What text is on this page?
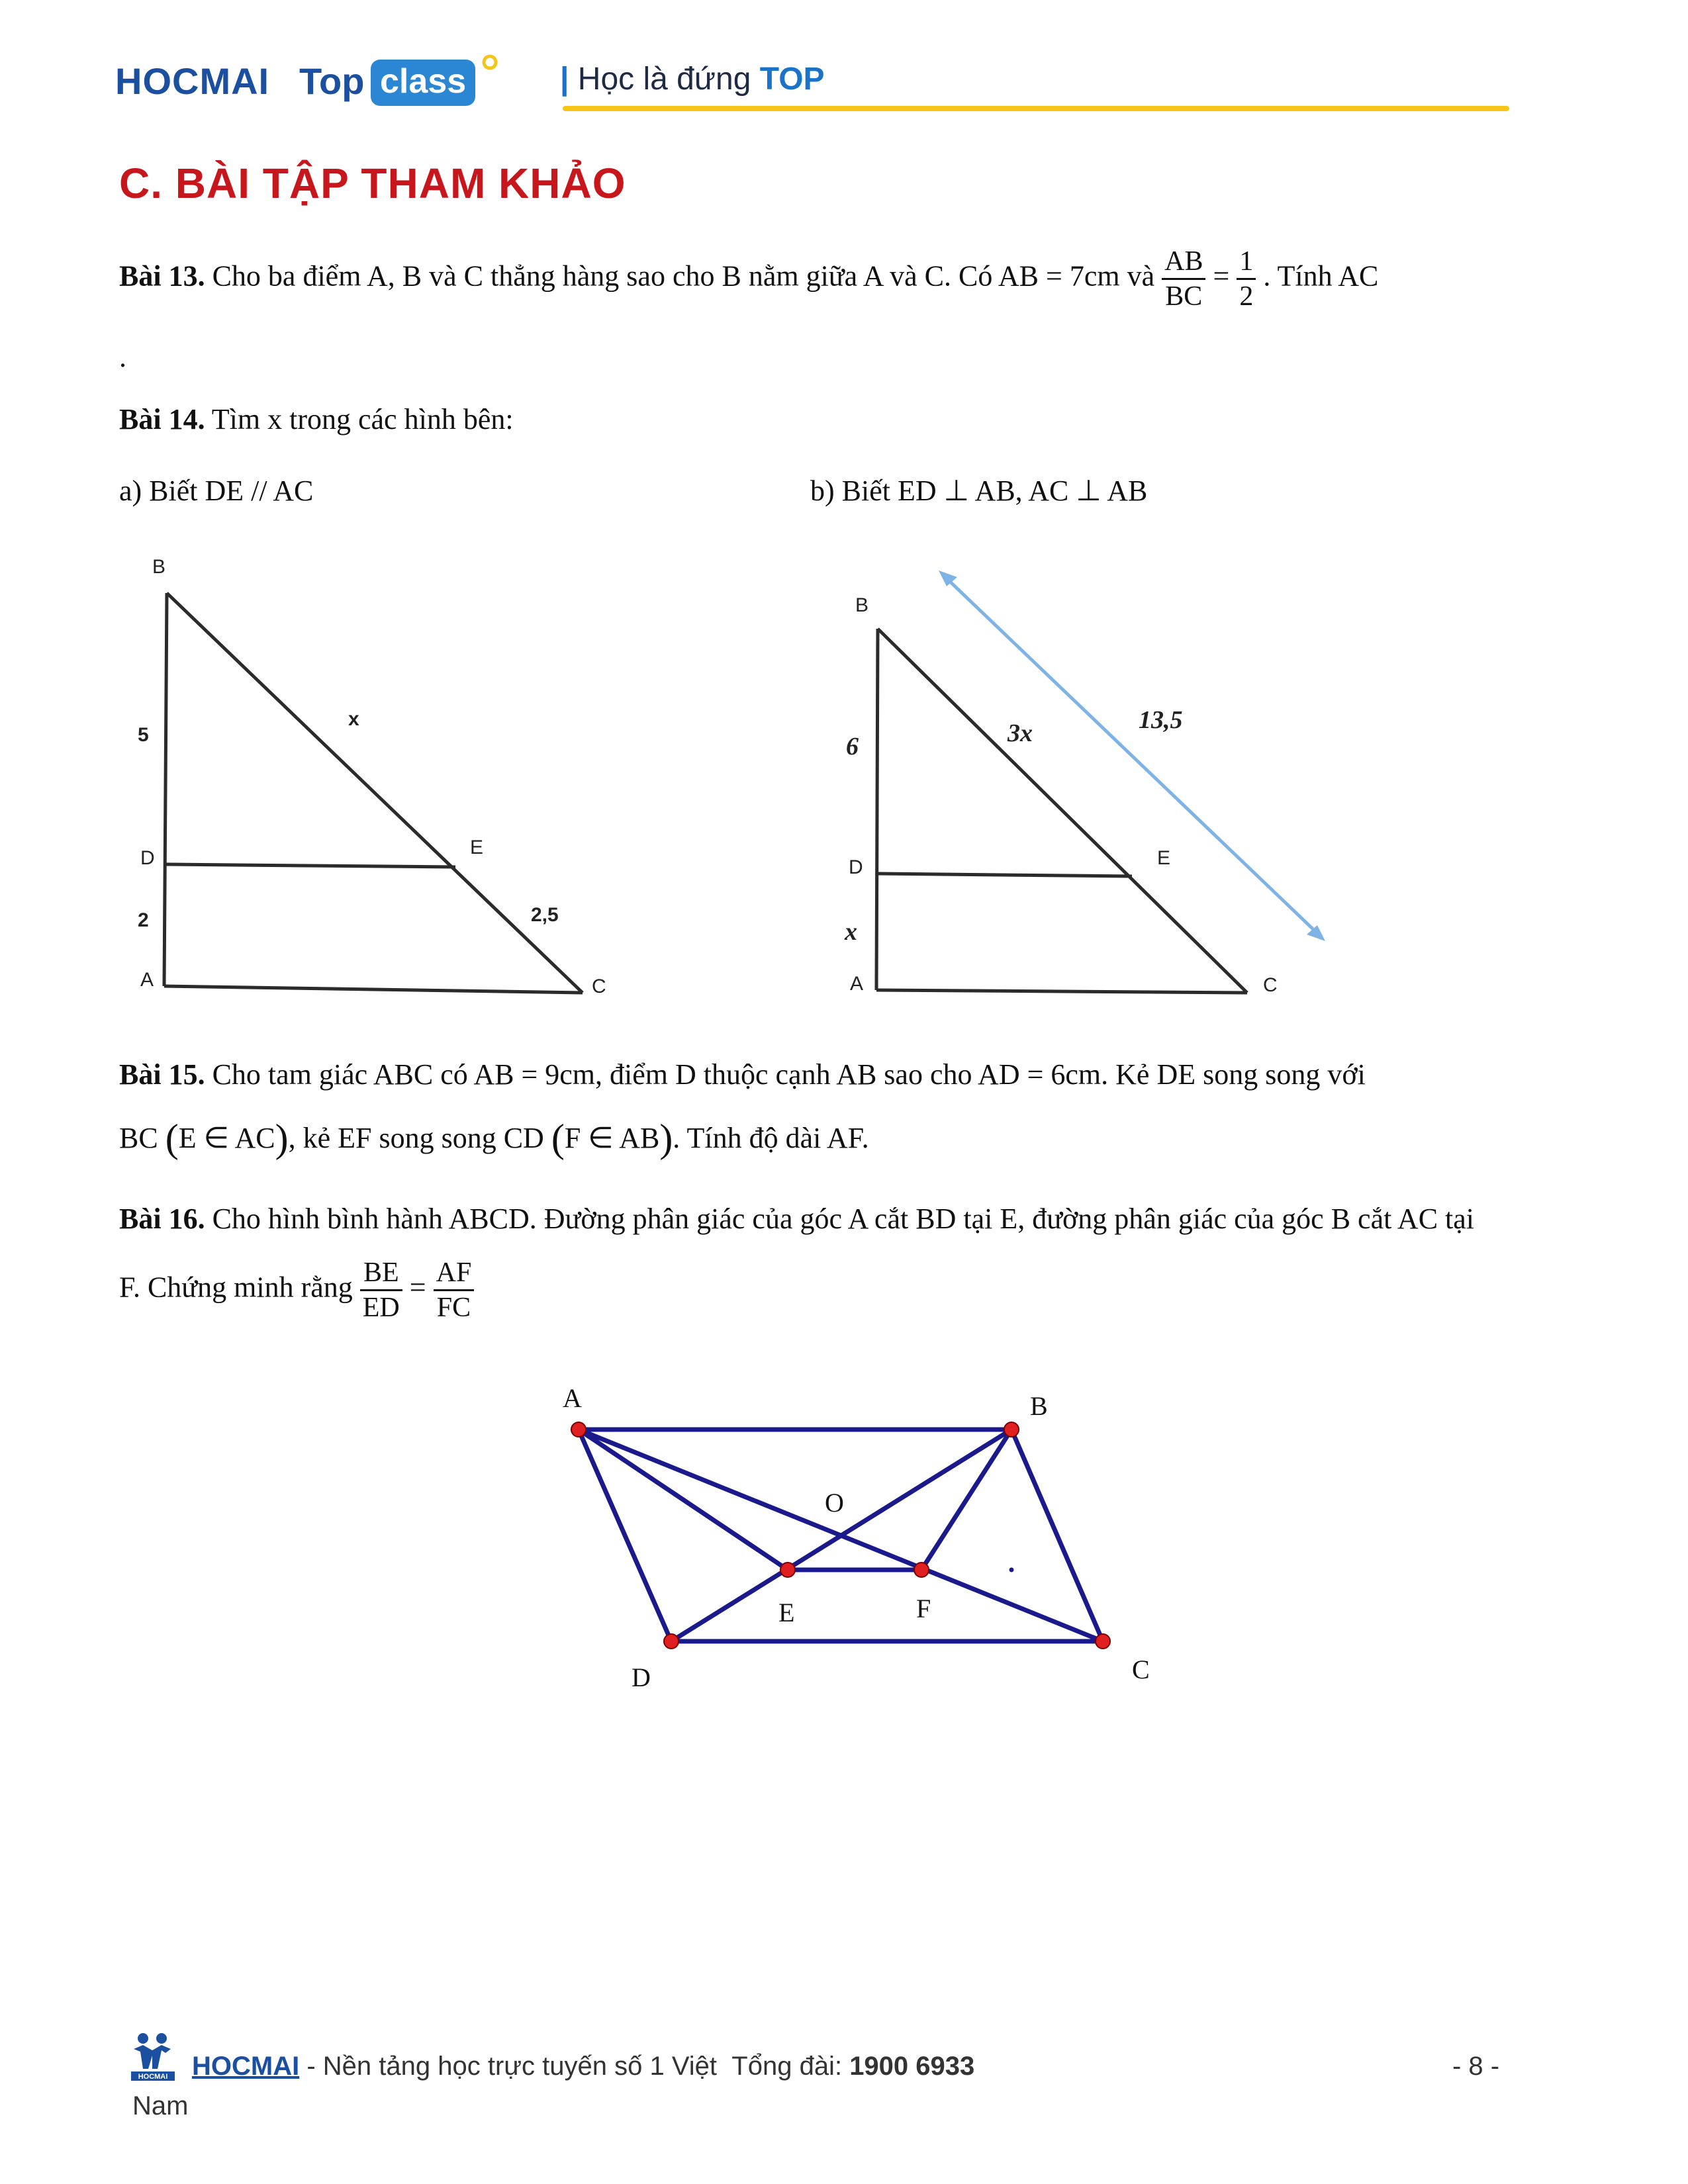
HOCMAI Top class	| Học là đứng TOP
C. BÀI TẬP THAM KHẢO
Bài 13. Cho ba điểm A, B và C thẳng hàng sao cho B nằm giữa A và C. Có AB = 7cm và $\frac{AB}{BC} = \frac{1}{2}$ . Tính AC
.
Bài 14. Tìm x trong các hình bên:
a) Biết DE // AC	b) Biết ED ⊥ AB, AC ⊥ AB
B
D
A
E
C
5
2
x
2,5
B
D
A
E
C
6
x
3x	13,5
Bài 15. Cho tam giác ABC có AB = 9cm, điểm D thuộc cạnh AB sao cho AD = 6cm. Kẻ DE song song với
BC (E ∈ AC), kẻ EF song song CD (F ∈ AB). Tính độ dài AF.
Bài 16. Cho hình bình hành ABCD. Đường phân giác của góc A cắt BD tại E, đường phân giác của góc B cắt AC tại
F. Chứng minh rằng $\frac{BE}{ED} = \frac{AF}{FC}$
A	B
C
D
O
E	F
HOCMAI HOCMAI - Nền tảng học trực tuyến số 1 Việt Tổng đài: 1900 6933	- 8 -
Nam
